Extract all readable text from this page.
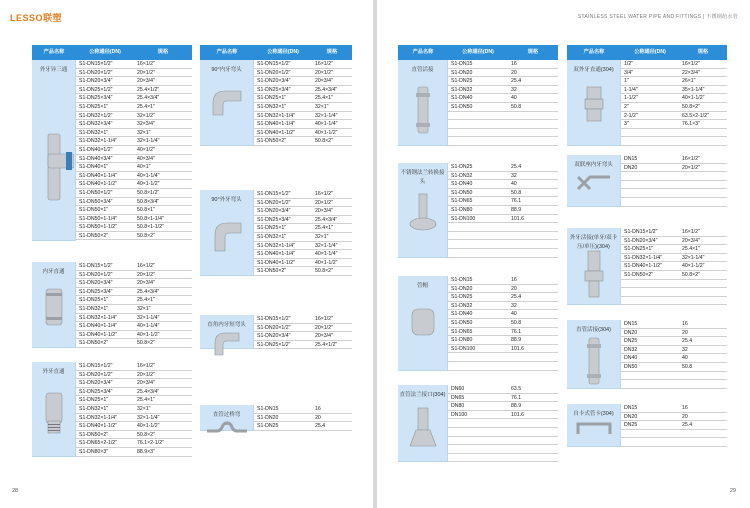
LESSO联塑
28
STAINLESS STEEL WATER PIPE AND FITTINGS | 不锈钢给水管
29
产品名称	公称通径(DN)	规格
外牙异三通
S1-DN15×1/2"	16×1/2"
S1-DN20×1/2"	20×1/2"
S1-DN20×3/4"	20×3/4"
S1-DN25×1/2"	25.4×1/2"
S1-DN25×3/4"	25.4×3/4"
S1-DN25×1"	25.4×1"
S1-DN32×1/2"	32×1/2"
S1-DN32×3/4"	32×3/4"
S1-DN32×1"	32×1"
S1-DN32×1-1/4"	32×1-1/4"
S1-DN40×1/2"	40×1/2"
S1-DN40×3/4"	40×3/4"
S1-DN40×1"	40×1"
S1-DN40×1-1/4"	40×1-1/4"
S1-DN40×1-1/2"	40×1-1/2"
S1-DN50×1/2"	50.8×1/2"
S1-DN50×3/4"	50.8×3/4"
S1-DN50×1"	50.8×1"
S1-DN50×1-1/4"	50.8×1-1/4"
S1-DN50×1-1/2"	50.8×1-1/2"
S1-DN50×2"	50.8×2"
内牙直通
S1-DN15×1/2"	16×1/2"
S1-DN20×1/2"	20×1/2"
S1-DN20×3/4"	20×3/4"
S1-DN25×3/4"	25.4×3/4"
S1-DN25×1"	25.4×1"
S1-DN32×1"	32×1"
S1-DN32×1-1/4"	32×1-1/4"
S1-DN40×1-1/4"	40×1-1/4"
S1-DN40×1-1/2"	40×1-1/2"
S1-DN50×2"	50.8×2"
外牙直通
S1-DN15×1/2"	16×1/2"
S1-DN20×1/2"	20×1/2"
S1-DN20×3/4"	20×3/4"
S1-DN25×3/4"	25.4×3/4"
S1-DN25×1"	25.4×1"
S1-DN32×1"	32×1"
S1-DN32×1-1/4"	32×1-1/4"
S1-DN40×1-1/2"	40×1-1/2"
S1-DN50×2"	50.8×2"
S1-DN65×2-1/2"	76.1×2-1/2"
S1-DN80×3"	88.9×3"
产品名称	公称通径(DN)	规格
90°内牙弯头
S1-DN15×1/2"	16×1/2"
S1-DN20×1/2"	20×1/2"
S1-DN20×3/4"	20×3/4"
S1-DN25×3/4"	25.4×3/4"
S1-DN25×1"	25.4×1"
S1-DN32×1"	32×1"
S1-DN32×1-1/4"	32×1-1/4"
S1-DN40×1-1/4"	40×1-1/4"
S1-DN40×1-1/2"	40×1-1/2"
S1-DN50×2"	50.8×2"
90°外牙弯头
S1-DN15×1/2"	16×1/2"
S1-DN20×1/2"	20×1/2"
S1-DN20×3/4"	20×3/4"
S1-DN25×3/4"	25.4×3/4"
S1-DN25×1"	25.4×1"
S1-DN32×1"	32×1"
S1-DN32×1-1/4"	32×1-1/4"
S1-DN40×1-1/4"	40×1-1/4"
S1-DN40×1-1/2"	40×1-1/2"
S1-DN50×2"	50.8×2"
直角内牙短弯头
S1-DN15×1/2"	16×1/2"
S1-DN20×1/2"	20×1/2"
S1-DN20×3/4"	20×3/4"
S1-DN25×1/2"	25.4×1/2"
直管过桥弯
S1-DN15	16
S1-DN20	20
S1-DN25	25.4
产品名称	公称通径(DN)	规格
直管活接
S1-DN15	16
S1-DN20	20
S1-DN25	25.4
S1-DN32	32
S1-DN40	40
S1-DN50	50.8
不锈钢法兰转换接头
S1-DN25	25.4
S1-DN32	32
S1-DN40	40
S1-DN50	50.8
S1-DN65	76.1
S1-DN80	88.9
S1-DN100	101.6
管帽
S1-DN15	16
S1-DN20	20
S1-DN25	25.4
S1-DN32	32
S1-DN40	40
S1-DN50	50.8
S1-DN65	76.1
S1-DN80	88.9
S1-DN100	101.6
直管法兰接口(304)
DN60	63.5
DN65	76.1
DN80	88.9
DN100	101.6
产品名称	公称通径(DN)	规格
双外牙直通(304)
1/2"	16×1/2"
3/4"	22×3/4"
1"	26×1"
1-1/4"	35×1-1/4"
1-1/2"	40×1-1/2"
2"	50.8×2"
2-1/2"	63.5×2-1/2"
3"	76.1×3"
双联座内牙弯头
DN15	16×1/2"
DN20	20×1/2"
外牙活接(单牙/双卡压/单压)(304)
S1-DN15×1/2"	16×1/2"
S1-DN20×3/4"	20×3/4"
S1-DN25×1"	25.4×1"
S1-DN32×1-1/4"	32×1-1/4"
S1-DN40×1-1/2"	40×1-1/2"
S1-DN50×2"	50.8×2"
直管活接(304)
DN15	16
DN20	20
DN25	25.4
DN32	32
DN40	40
DN50	50.8
自卡式管卡(304)
DN15	16
DN20	20
DN25	25.4
